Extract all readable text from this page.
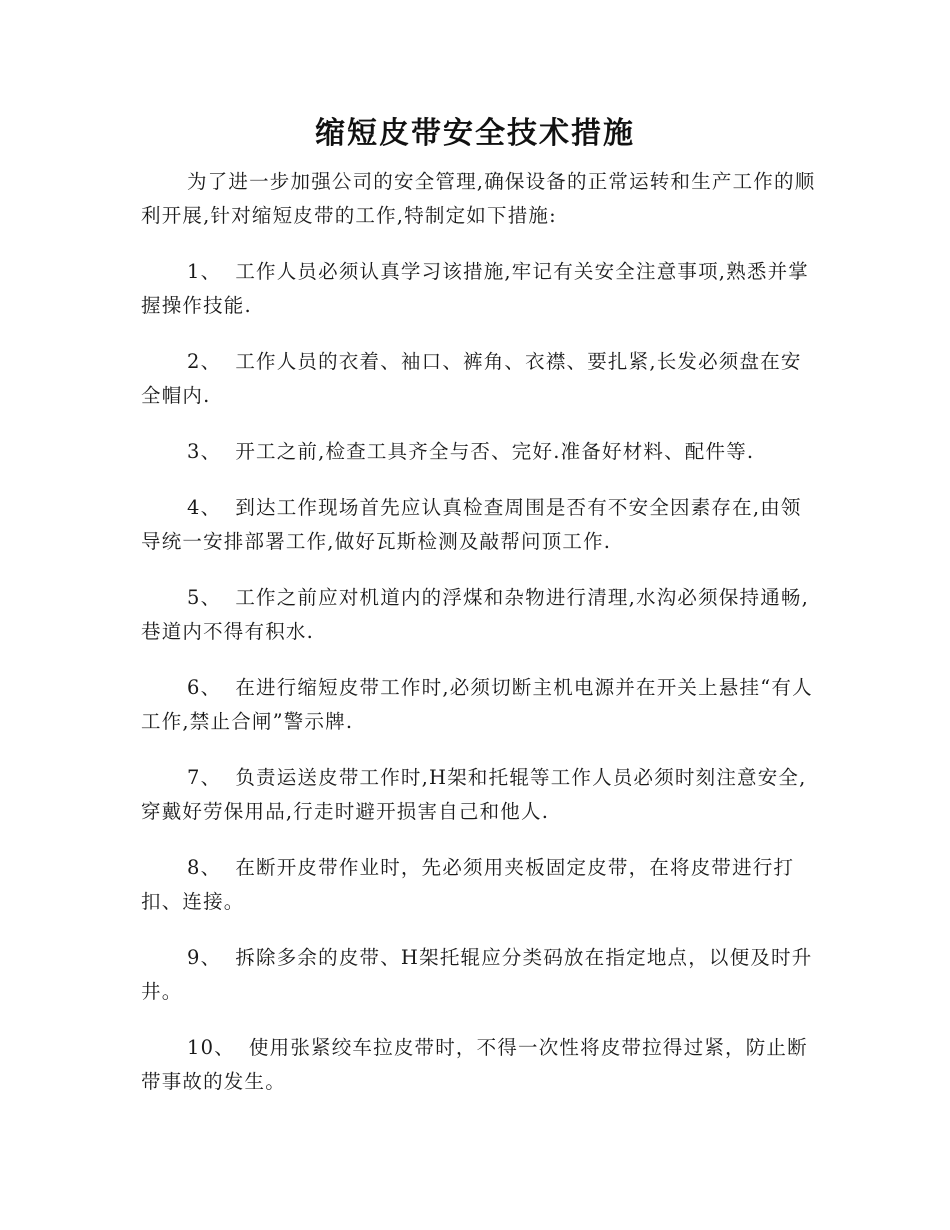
缩短皮带安全技术措施

为了进一步加强公司的安全管理,确保设备的正常运转和生产工作的顺利开展,针对缩短皮带的工作,特制定如下措施:

1、 工作人员必须认真学习该措施,牢记有关安全注意事项,熟悉并掌握操作技能.

2、 工作人员的衣着、袖口、裤角、衣襟、要扎紧,长发必须盘在安全帽内.

3、 开工之前,检查工具齐全与否、完好.准备好材料、配件等.

4、 到达工作现场首先应认真检查周围是否有不安全因素存在,由领导统一安排部署工作,做好瓦斯检测及敲帮问顶工作.

5、 工作之前应对机道内的浮煤和杂物进行清理,水沟必须保持通畅,巷道内不得有积水.

6、 在进行缩短皮带工作时,必须切断主机电源并在开关上悬挂“有人工作,禁止合闸”警示牌.

7、 负责运送皮带工作时,H架和托辊等工作人员必须时刻注意安全,穿戴好劳保用品,行走时避开损害自己和他人.

8、 在断开皮带作业时，先必须用夹板固定皮带，在将皮带进行打扣、连接。

9、 拆除多余的皮带、H架托辊应分类码放在指定地点，以便及时升井。

10、 使用张紧绞车拉皮带时，不得一次性将皮带拉得过紧，防止断带事故的发生。
